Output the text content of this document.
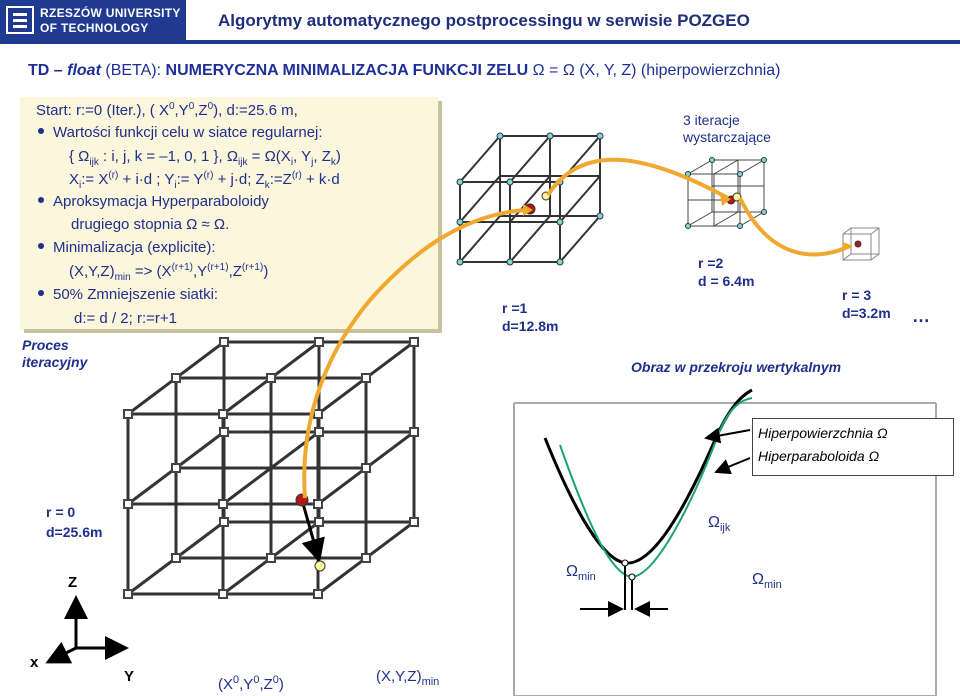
RZESZÓW UNIVERSITY
OF TECHNOLOGY	Algorytmy automatycznego postprocessingu w serwisie POZGEO
TD – float (BETA): NUMERYCZNA MINIMALIZACJA FUNKCJI ZELU Ω = Ω (X, Y, Z) (hiperpowierzchnia)
Start: r:=0 (Iter.), ( $X^0,Y^0,Z^0$), d:=25.6 m,
Wartości funkcji celu w siatce regularnej:
{ $\Omega_{ijk}$ : i, j, k = –1, 0, 1 }, $\Omega_{ijk} = \Omega(X_i$, $Y_j$, $Z_k$)
$X_i:= X^{(r)} + i\cdot d$ ; $Y_i:= Y^{(r)} + j\cdot d$; $Z_k:=Z^{(r)} + k\cdot d$
Aproksymacja Hyperparaboloidy
drugiego stopnia Ω ≈ Ω.
Minimalizacja (explicite):
$(X,Y,Z)_{min} => (X^{(r+1)},Y^{(r+1)},Z^{(r+1)})$
50% Zmniejszenie siatki:
d:= d / 2; r:=r+1
Proces
iteracyjny
r = 0
d=25.6m
r =1
d=12.8m
r =2
d = 6.4m
r = 3
d=3.2m …
3 iteracje
wystarczające
Obraz w przekroju wertykalnym
Hiperpowierzchnia Ω
Hiperparaboloida Ω
$\Omega_{ijk}$
$\Omega_{min}$	$\Omega_{min}$
Z
x
Y	$(X^0,Y^0,Z^0)$	$(X,Y,Z)_{min}$
